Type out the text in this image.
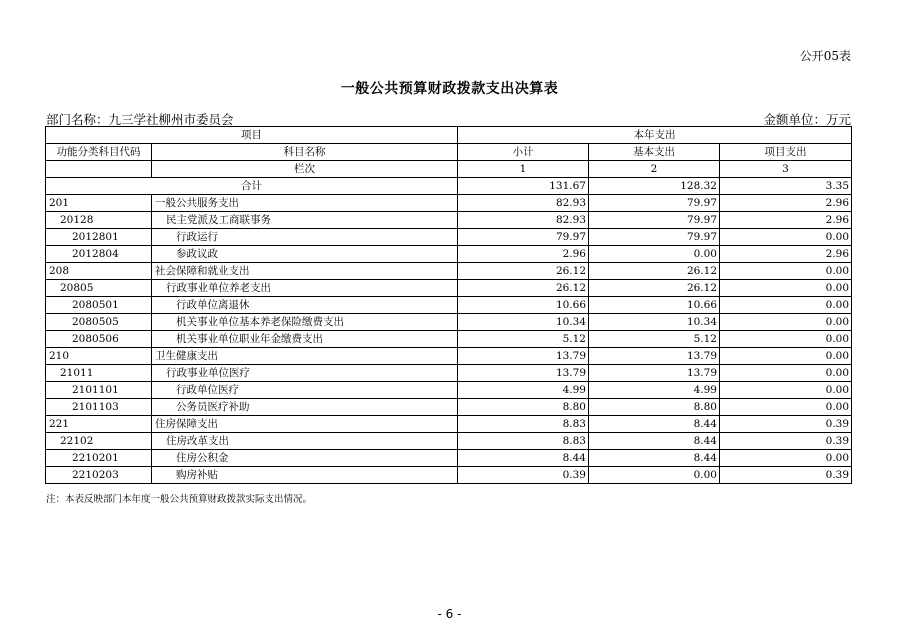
公开05表
一般公共预算财政拨款支出决算表
部门名称：九三学社柳州市委员会	金额单位：万元
项目		本年支出		
功能分类科目代码	科目名称	小计	基本支出	项目支出
	栏次	1	2	3
合计		131.67	128.32	3.35
201	一般公共服务支出	82.93	79.97	2.96
20128	民主党派及工商联事务	82.93	79.97	2.96
2012801	行政运行	79.97	79.97	0.00
2012804	参政议政	2.96	0.00	2.96
208	社会保障和就业支出	26.12	26.12	0.00
20805	行政事业单位养老支出	26.12	26.12	0.00
2080501	行政单位离退休	10.66	10.66	0.00
2080505	机关事业单位基本养老保险缴费支出	10.34	10.34	0.00
2080506	机关事业单位职业年金缴费支出	5.12	5.12	0.00
210	卫生健康支出	13.79	13.79	0.00
21011	行政事业单位医疗	13.79	13.79	0.00
2101101	行政单位医疗	4.99	4.99	0.00
2101103	公务员医疗补助	8.80	8.80	0.00
221	住房保障支出	8.83	8.44	0.39
22102	住房改革支出	8.83	8.44	0.39
2210201	住房公积金	8.44	8.44	0.00
2210203	购房补贴	0.39	0.00	0.39
注：本表反映部门本年度一般公共预算财政拨款实际支出情况。
- 6 -
